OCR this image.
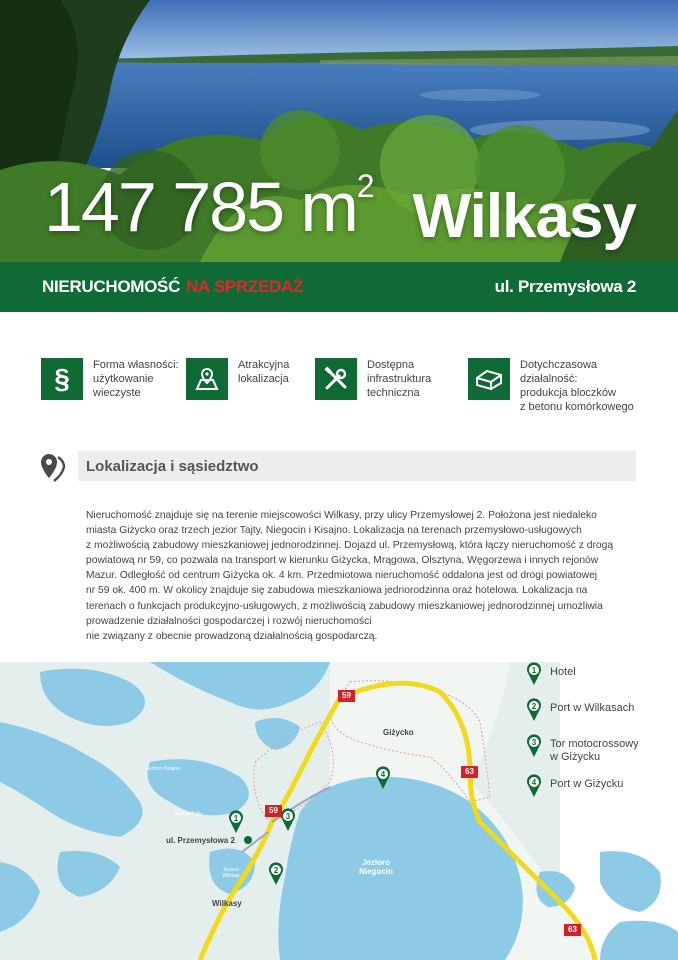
147 785 $m^2$ Wilkasy
NIERUCHOMOŚĆ NA SPRZEDAŻ	ul. Przemysłowa 2
§ Forma własności:
użytkowanie
wieczyste
Atrakcyjna
lokalizacja
Dostępna
infrastruktura
techniczna
Dotychczasowa
działalność:
produkcja bloczków
z betonu komórkowego
Lokalizacja i sąsiedztwo

Nieruchomość znajduje się na terenie miejscowości Wilkasy, przy ulicy Przemysłowej 2. Położona jest niedaleko

miasta Giżycko oraz trzech jezior Tajty, Niegocin i Kisajno. Lokalizacja na terenach przemysłowo-usługowych

z możliwością zabudowy mieszkaniowej jednorodzinnej. Dojazd ul. Przemysłową, która łączy nieruchomość z drogą

powiatową nr 59, co pozwala na transport w kierunku Giżycka, Mrągowa, Olsztyna, Węgorzewa i innych rejonów

Mazur. Odległość od centrum Giżycka ok. 4 km. Przedmiotowa nieruchomość oddalona jest od drogi powiatowej

nr 59 ok. 400 m. W okolicy znajduje się zabudowa mieszkaniowa jednorodzinna oraz hotelowa. Lokalizacja na

terenach o funkcjach produkcyjno-usługowych, z możliwością zabudowy mieszkaniowej jednorodzinnej umożliwia

prowadzenie działalności gospodarczej i rozwój nieruchomości

nie związany z obecnie prowadzoną działalnością gospodarczą.

Giżycko
Wilkasy
ul. Przemysłowa 2
Jezioro
Niegocin
Jezioro Kisajno
Jezioro Tajty
Jezioro
Wilkasy
59
63
59
63
1
2
3
4
1 Hotel
2 Port w Wilkasach
3 Tor motocrossowy
w Giżycku
4 Port w Giżycku
